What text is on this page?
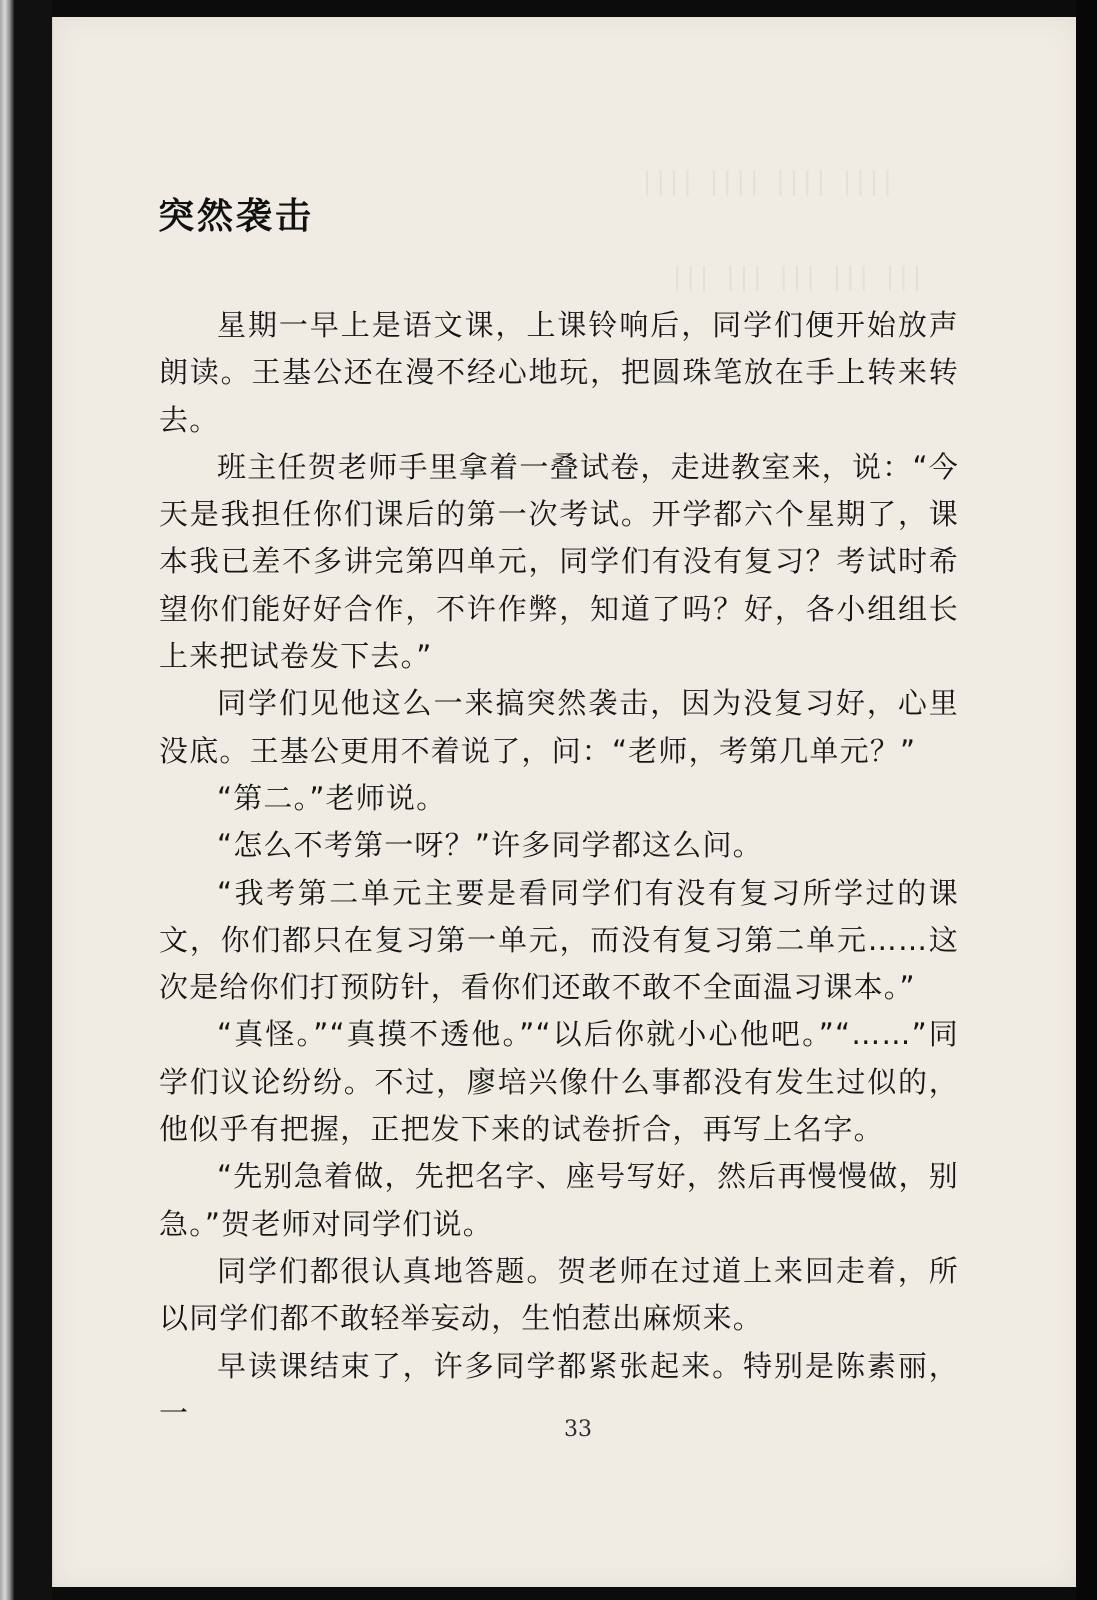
|||| |||| |||| ||||
||| ||| ||| ||| |||
突然袭击

星期一早上是语文课，上课铃响后，同学们便开始放声朗读。王基公还在漫不经心地玩，把圆珠笔放在手上转来转去。

班主任贺老师手里拿着一叠试卷，走进教室来，说：“今天是我担任你们课后的第一次考试。开学都六个星期了，课本我已差不多讲完第四单元，同学们有没有复习？考试时希望你们能好好合作，不许作弊，知道了吗？好，各小组组长上来把试卷发下去。”

同学们见他这么一来搞突然袭击，因为没复习好，心里没底。王基公更用不着说了，问：“老师，考第几单元？”

“第二。”老师说。

“怎么不考第一呀？”许多同学都这么问。

“我考第二单元主要是看同学们有没有复习所学过的课文，你们都只在复习第一单元，而没有复习第二单元……这次是给你们打预防针，看你们还敢不敢不全面温习课本。”

“真怪。”“真摸不透他。”“以后你就小心他吧。”“……”同学们议论纷纷。不过，廖培兴像什么事都没有发生过似的，他似乎有把握，正把发下来的试卷折合，再写上名字。

“先别急着做，先把名字、座号写好，然后再慢慢做，别急。”贺老师对同学们说。

同学们都很认真地答题。贺老师在过道上来回走着，所以同学们都不敢轻举妄动，生怕惹出麻烦来。

早读课结束了，许多同学都紧张起来。特别是陈素丽，一	33
